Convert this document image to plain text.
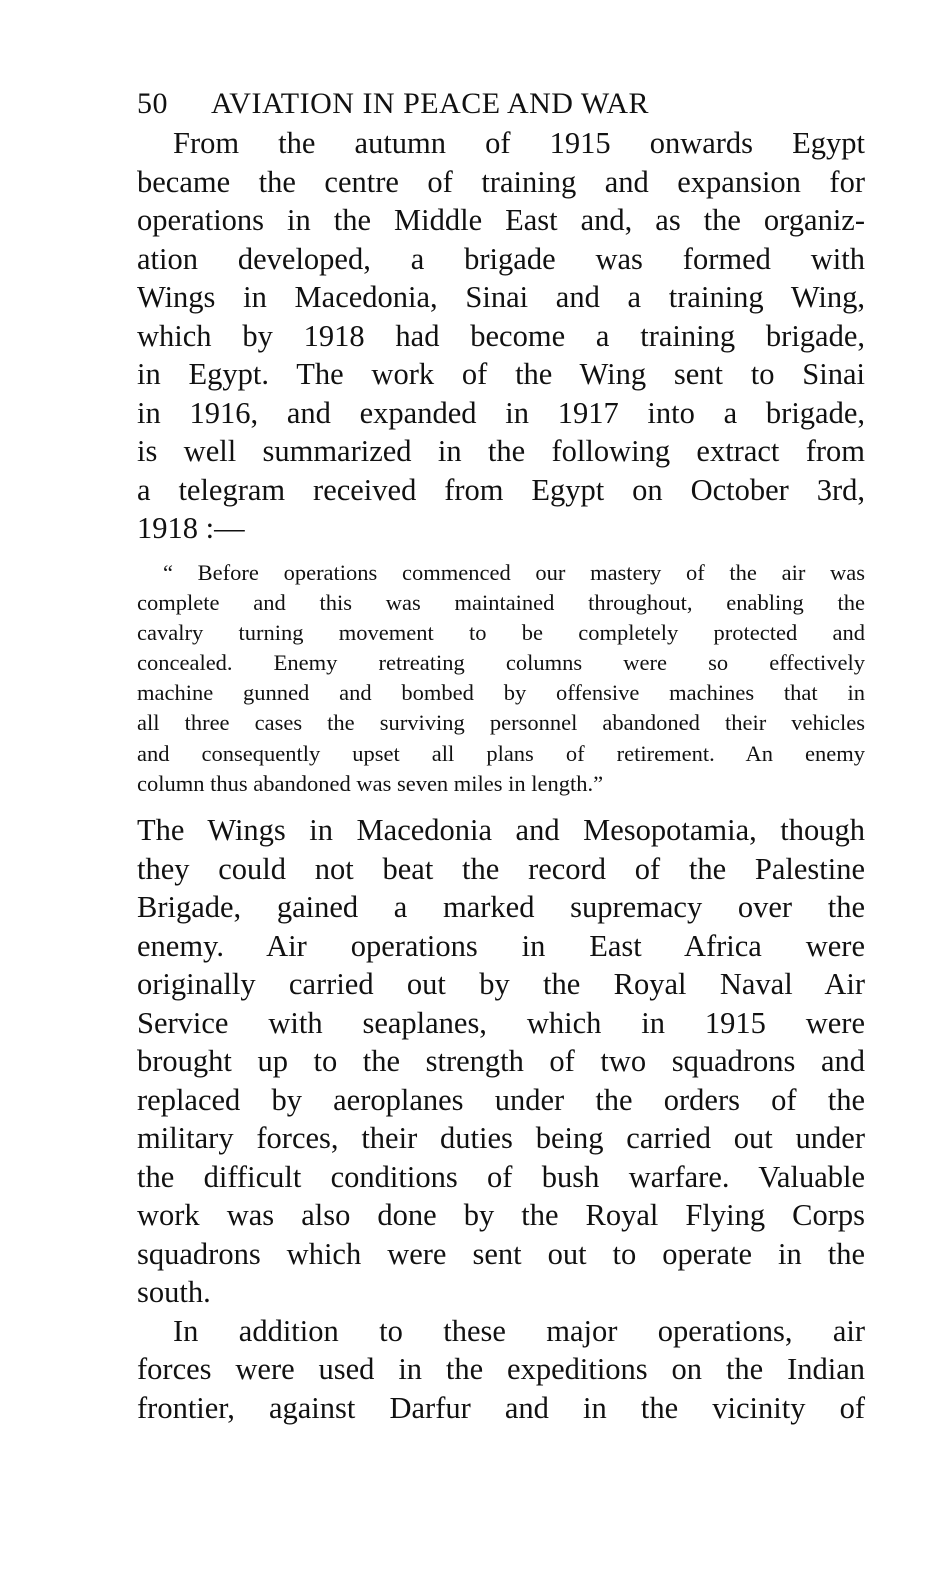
50 AVIATION IN PEACE AND WAR
From the autumn of 1915 onwards Egypt
became the centre of training and expansion for
operations in the Middle East and, as the organiz-
ation developed, a brigade was formed with
Wings in Macedonia, Sinai and a training Wing,
which by 1918 had become a training brigade,
in Egypt. The work of the Wing sent to Sinai
in 1916, and expanded in 1917 into a brigade,
is well summarized in the following extract from
a telegram received from Egypt on October 3rd,
1918 :—
“ Before operations commenced our mastery of the air was
complete and this was maintained throughout, enabling the
cavalry turning movement to be completely protected and
concealed. Enemy retreating columns were so effectively
machine gunned and bombed by offensive machines that in
all three cases the surviving personnel abandoned their vehicles
and consequently upset all plans of retirement. An enemy
column thus abandoned was seven miles in length.”
The Wings in Macedonia and Mesopotamia, though
they could not beat the record of the Palestine
Brigade, gained a marked supremacy over the
enemy. Air operations in East Africa were
originally carried out by the Royal Naval Air
Service with seaplanes, which in 1915 were
brought up to the strength of two squadrons and
replaced by aeroplanes under the orders of the
military forces, their duties being carried out under
the difficult conditions of bush warfare. Valuable
work was also done by the Royal Flying Corps
squadrons which were sent out to operate in the
south.
In addition to these major operations, air
forces were used in the expeditions on the Indian
frontier, against Darfur and in the vicinity of
